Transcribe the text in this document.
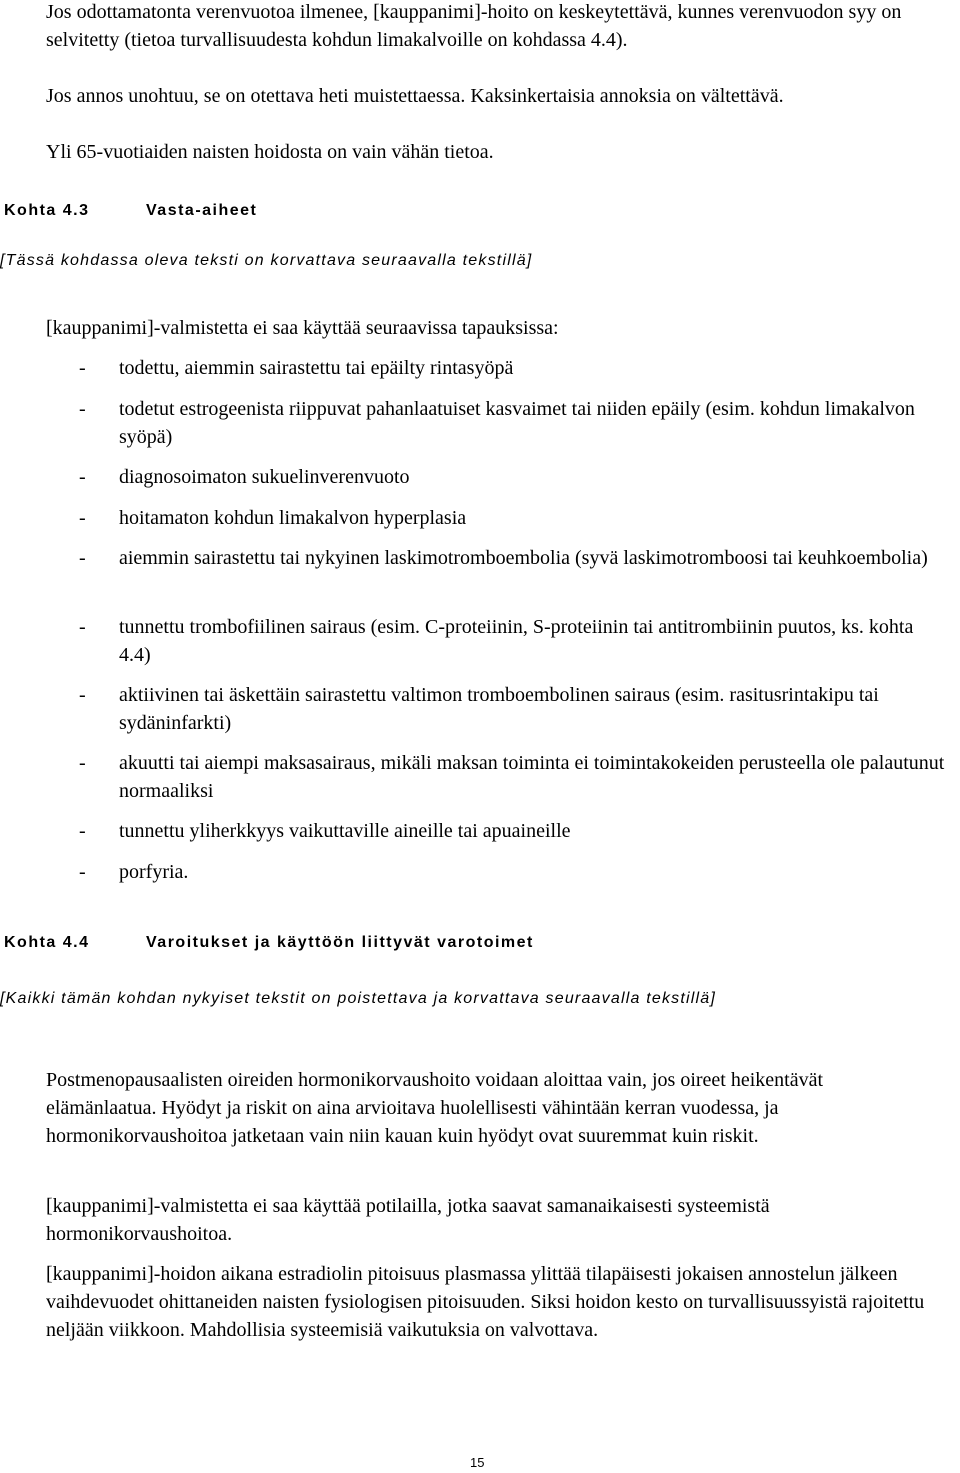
Jos odottamatonta verenvuotoa ilmenee, [kauppanimi]-hoito on keskeytettävä, kunnes verenvuodon syy on selvitetty (tietoa turvallisuudesta kohdun limakalvoille on kohdassa 4.4).

Jos annos unohtuu, se on otettava heti muistettaessa. Kaksinkertaisia annoksia on vältettävä.

Yli 65-vuotiaiden naisten hoidosta on vain vähän tietoa.

Kohta 4.3	Vasta-aiheet

[Tässä kohdassa oleva teksti on korvattava seuraavalla tekstillä]

[kauppanimi]-valmistetta ei saa käyttää seuraavissa tapauksissa:

- todettu, aiemmin sairastettu tai epäilty rintasyöpä
- todetut estrogeenista riippuvat pahanlaatuiset kasvaimet tai niiden epäily (esim. kohdun limakalvon syöpä)
- diagnosoimaton sukuelinverenvuoto
- hoitamaton kohdun limakalvon hyperplasia
- aiemmin sairastettu tai nykyinen laskimotromboembolia (syvä laskimotromboosi tai keuhkoembolia)
- tunnettu trombofiilinen sairaus (esim. C-proteiinin, S-proteiinin tai antitrombiinin puutos, ks. kohta 4.4)
- aktiivinen tai äskettäin sairastettu valtimon tromboembolinen sairaus (esim. rasitusrintakipu tai sydäninfarkti)
- akuutti tai aiempi maksasairaus, mikäli maksan toiminta ei toimintakokeiden perusteella ole palautunut normaaliksi
- tunnettu yliherkkyys vaikuttaville aineille tai apuaineille
- porfyria.

Kohta 4.4	Varoitukset ja käyttöön liittyvät varotoimet

[Kaikki tämän kohdan nykyiset tekstit on poistettava ja korvattava seuraavalla tekstillä]

Postmenopausaalisten oireiden hormonikorvaushoito voidaan aloittaa vain, jos oireet heikentävät elämänlaatua. Hyödyt ja riskit on aina arvioitava huolellisesti vähintään kerran vuodessa, ja hormonikorvaushoitoa jatketaan vain niin kauan kuin hyödyt ovat suuremmat kuin riskit.

[kauppanimi]-valmistetta ei saa käyttää potilailla, jotka saavat samanaikaisesti systeemistä hormonikorvaushoitoa.

[kauppanimi]-hoidon aikana estradiolin pitoisuus plasmassa ylittää tilapäisesti jokaisen annostelun jälkeen vaihdevuodet ohittaneiden naisten fysiologisen pitoisuuden. Siksi hoidon kesto on turvallisuussyistä rajoitettu neljään viikkoon. Mahdollisia systeemisiä vaikutuksia on valvottava.

15
